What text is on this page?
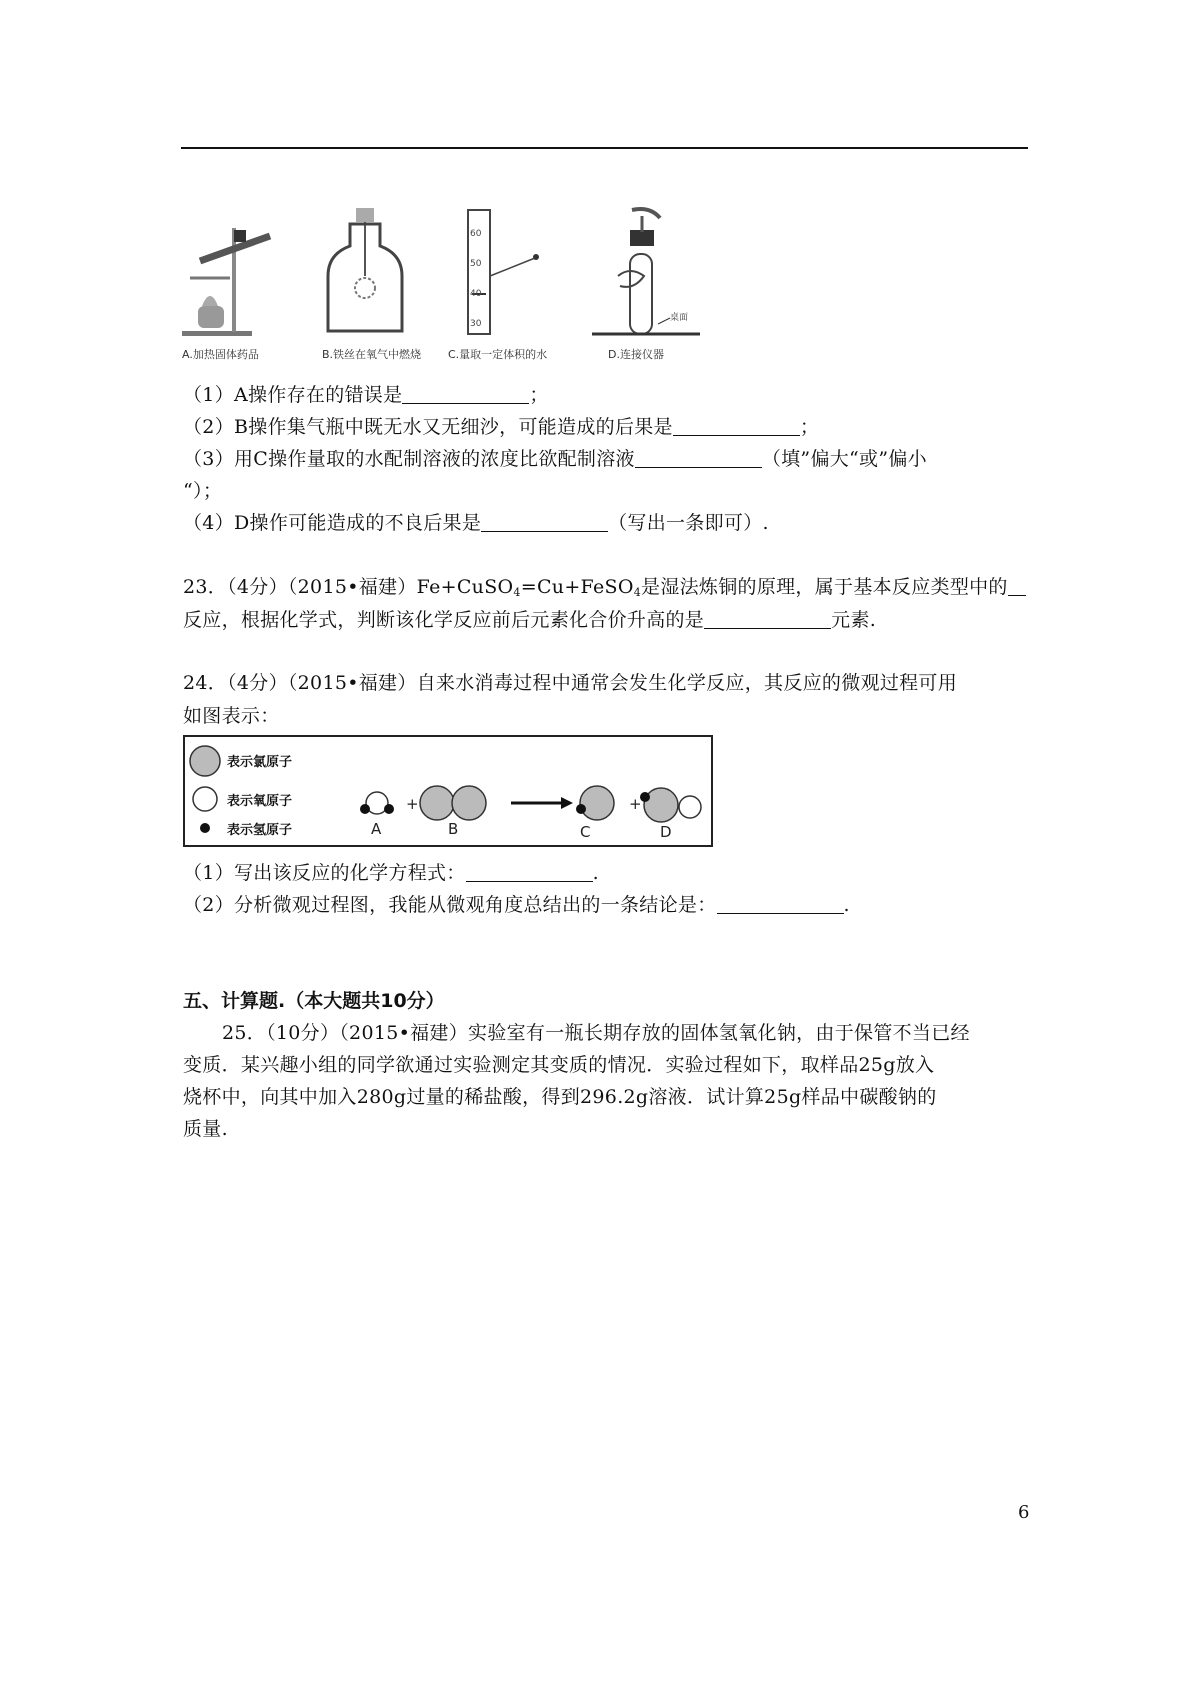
60
50
40
30
桌面
A.加热固体药品	B.铁丝在氧气中燃烧 C.量取一定体积的水	D.连接仪器
（1）A操作存在的错误是	；
（2）B操作集气瓶中既无水又无细沙，可能造成的后果是	；
（3）用C操作量取的水配制溶液的浓度比欲配制溶液	（填”偏大“或”偏小
“）；
（4）D操作可能造成的不良后果是	（写出一条即可）.
23．（4分）（2015•福建）Fe+CuSO$_4$=Cu+FeSO$_4$是湿法炼铜的原理，属于基本反应类型中的
反应，根据化学式，判断该化学反应前后元素化合价升高的是	元素.
24．（4分）（2015•福建）自来水消毒过程中通常会发生化学反应，其反应的微观过程可用
如图表示：
+	+
A	B	C	D
表示氯原子
表示氧原子
表示氢原子
（1）写出该反应的化学方程式：	.
（2）分析微观过程图，我能从微观角度总结出的一条结论是：	.
五、计算题.（本大题共10分）
25．（10分）（2015•福建）实验室有一瓶长期存放的固体氢氧化钠，由于保管不当已经
变质．某兴趣小组的同学欲通过实验测定其变质的情况．实验过程如下，取样品25g放入
烧杯中，向其中加入280g过量的稀盐酸，得到296.2g溶液．试计算25g样品中碳酸钠的
质量.
6
